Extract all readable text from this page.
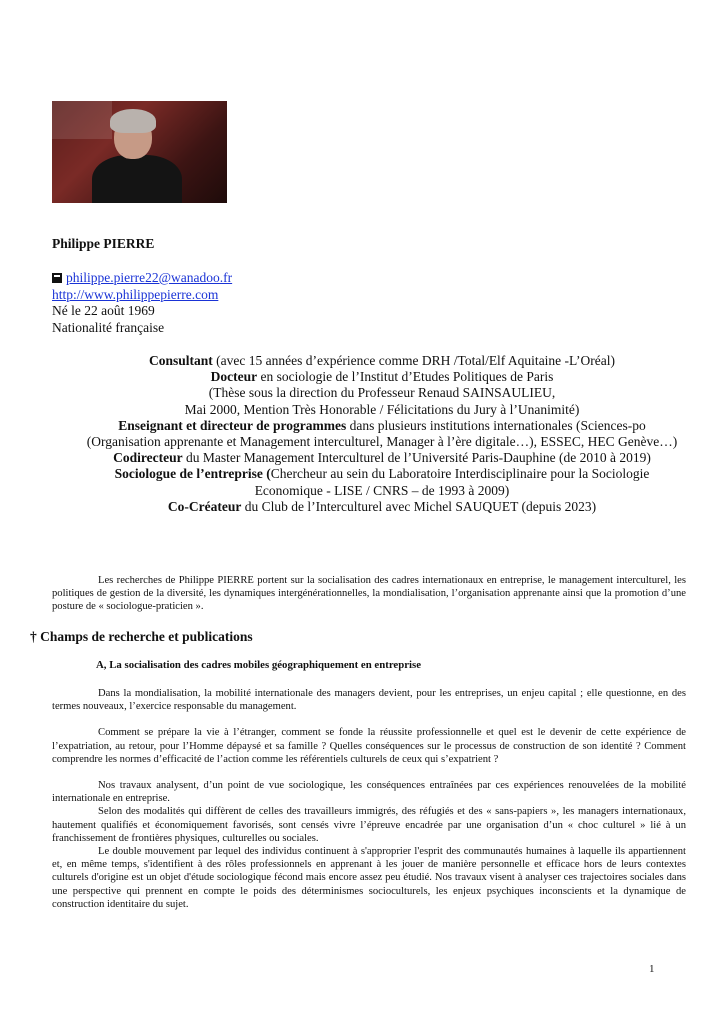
Philippe PIERRE
philippe.pierre22@wanadoo.fr
http://www.philippepierre.com
Né le 22 août 1969
Nationalité française
Consultant (avec 15 années d’expérience comme DRH /Total/Elf Aquitaine -L’Oréal)
Docteur en sociologie de l’Institut d’Etudes Politiques de Paris
(Thèse sous la direction du Professeur Renaud SAINSAULIEU,
Mai 2000, Mention Très Honorable / Félicitations du Jury à l’Unanimité)
Enseignant et directeur de programmes dans plusieurs institutions internationales (Sciences-po (Organisation apprenante et Management interculturel, Manager à l’ère digitale…), ESSEC, HEC Genève…)
Codirecteur du Master Management Interculturel de l’Université Paris-Dauphine (de 2010 à 2019)
Sociologue de l’entreprise (Chercheur au sein du Laboratoire Interdisciplinaire pour la Sociologie Economique - LISE / CNRS – de 1993 à 2009)
Co-Créateur du Club de l’Interculturel avec Michel SAUQUET (depuis 2023)
Les recherches de Philippe PIERRE portent sur la socialisation des cadres internationaux en entreprise, le management interculturel, les politiques de gestion de la diversité, les dynamiques intergénérationnelles, la mondialisation, l’organisation apprenante ainsi que la promotion d’une posture de « sociologue-praticien ».
† Champs de recherche et publications
A, La socialisation des cadres mobiles géographiquement en entreprise

Dans la mondialisation, la mobilité internationale des managers devient, pour les entreprises, un enjeu capital ; elle questionne, en des termes nouveaux, l’exercice responsable du management.

Comment se prépare la vie à l’étranger, comment se fonde la réussite professionnelle et quel est le devenir de cette expérience de l’expatriation, au retour, pour l’Homme dépaysé et sa famille ? Quelles conséquences sur le processus de construction de son identité ? Comment comprendre les normes d’efficacité de l’action comme les référentiels culturels de ceux qui s’expatrient ?

Nos travaux analysent, d’un point de vue sociologique, les conséquences entraînées par ces expériences renouvelées de la mobilité internationale en entreprise.

Selon des modalités qui diffèrent de celles des travailleurs immigrés, des réfugiés et des « sans-papiers », les managers internationaux, hautement qualifiés et économiquement favorisés, sont censés vivre l’épreuve encadrée par une organisation d’un « choc culturel » lié à un franchissement de frontières physiques, culturelles ou sociales.

Le double mouvement par lequel des individus continuent à s'approprier l'esprit des communautés humaines à laquelle ils appartiennent et, en même temps, s'identifient à des rôles professionnels en apprenant à les jouer de manière personnelle et efficace hors de leurs contextes culturels d'origine est un objet d'étude sociologique fécond mais encore assez peu étudié. Nos travaux visent à analyser ces trajectoires sociales dans une perspective qui prennent en compte le poids des déterminismes socioculturels, les enjeux psychiques inconscients et la dynamique de construction identitaire du sujet.

1
